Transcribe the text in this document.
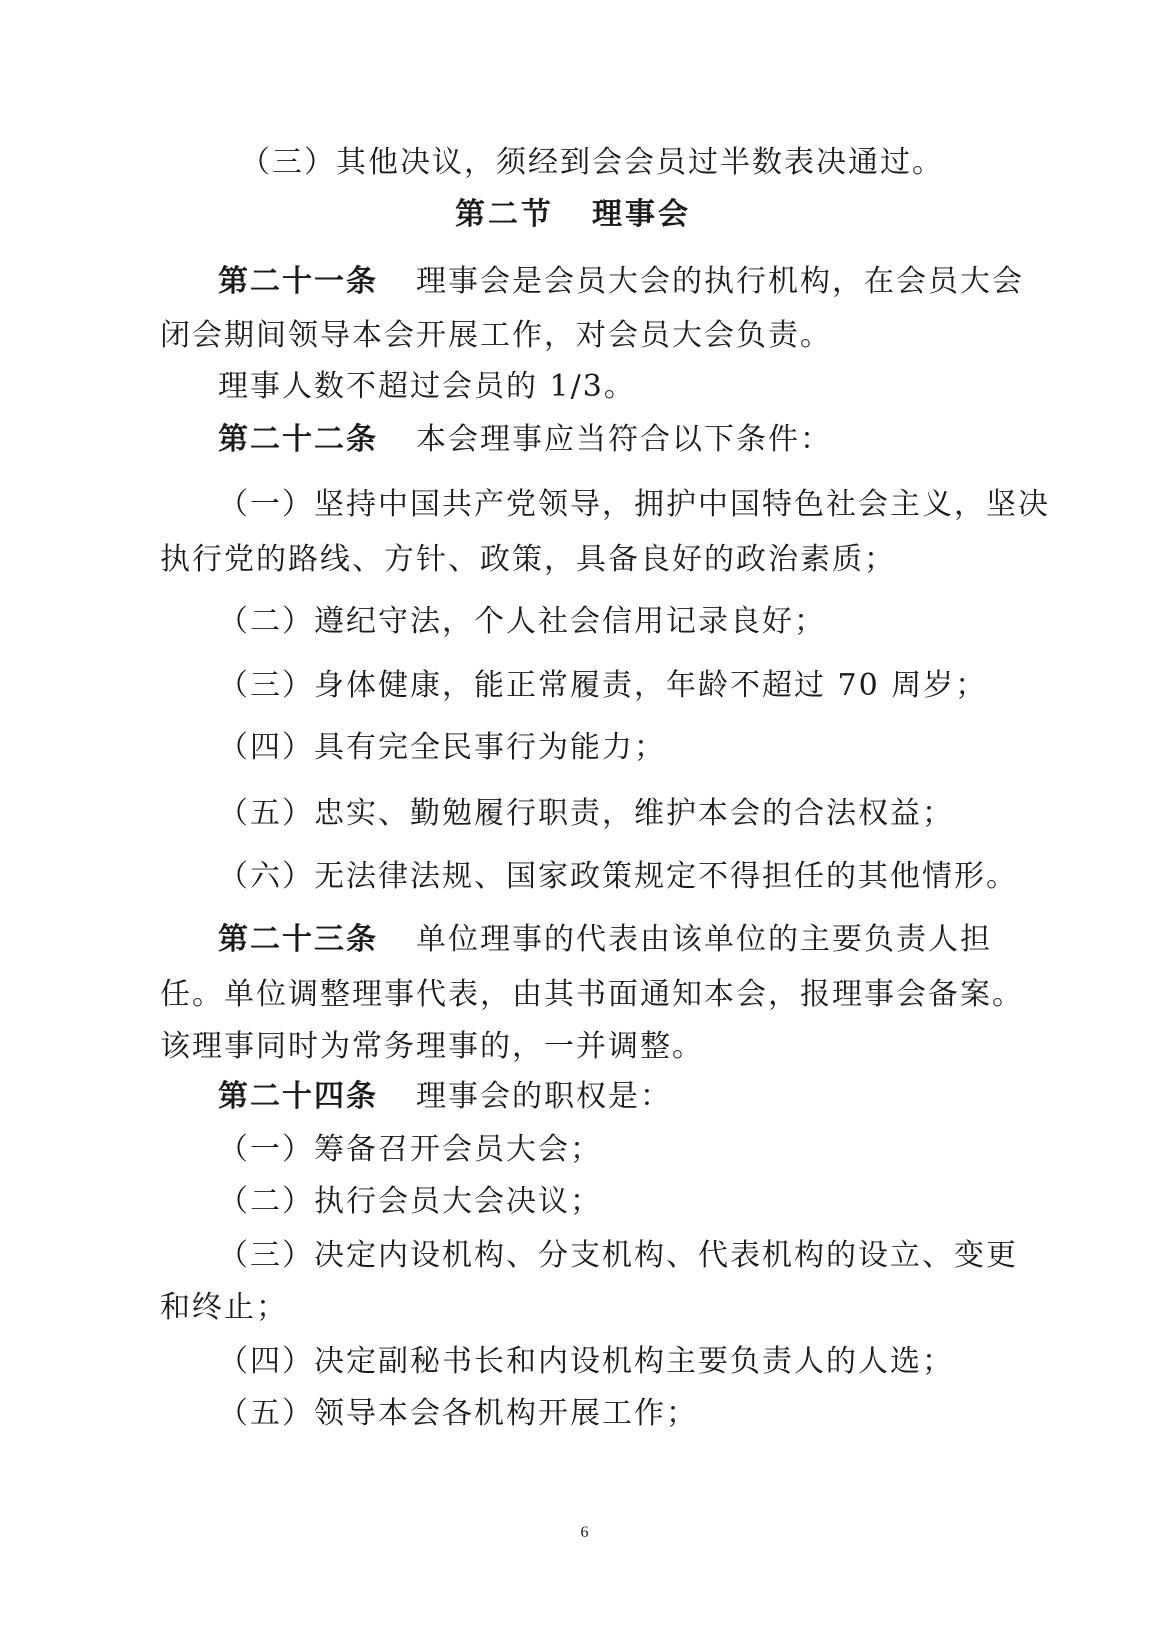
（三）其他决议，须经到会会员过半数表决通过。
第二节 理事会
第二十一条 理事会是会员大会的执行机构，在会员大会
闭会期间领导本会开展工作，对会员大会负责。
理事人数不超过会员的 1/3。
第二十二条 本会理事应当符合以下条件：
（一）坚持中国共产党领导，拥护中国特色社会主义，坚决
执行党的路线、方针、政策，具备良好的政治素质；
（二）遵纪守法，个人社会信用记录良好；
（三）身体健康，能正常履责，年龄不超过 70 周岁；
（四）具有完全民事行为能力；
（五）忠实、勤勉履行职责，维护本会的合法权益；
（六）无法律法规、国家政策规定不得担任的其他情形。
第二十三条 单位理事的代表由该单位的主要负责人担
任。单位调整理事代表，由其书面通知本会，报理事会备案。
该理事同时为常务理事的，一并调整。
第二十四条 理事会的职权是：
（一）筹备召开会员大会；
（二）执行会员大会决议；
（三）决定内设机构、分支机构、代表机构的设立、变更
和终止；
（四）决定副秘书长和内设机构主要负责人的人选；
（五）领导本会各机构开展工作；
6
